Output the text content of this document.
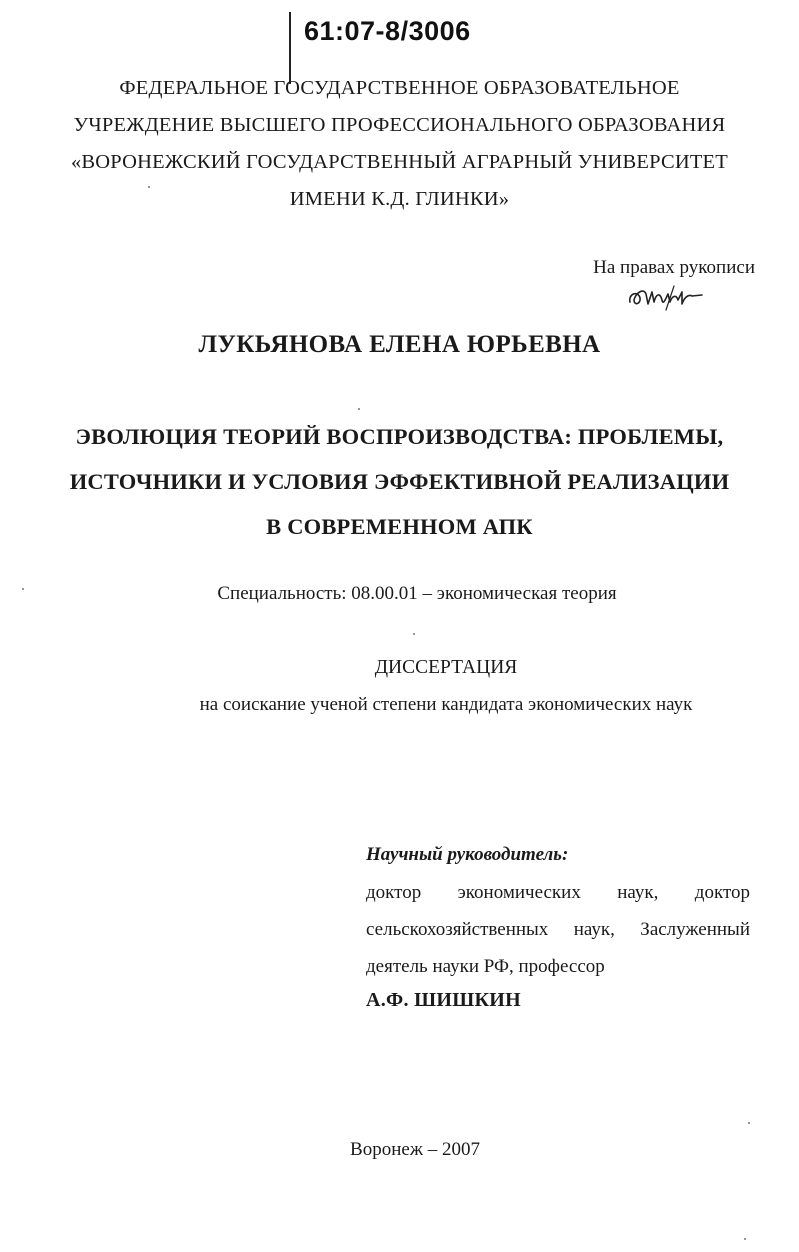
61:07-8/3006
ФЕДЕРАЛЬНОЕ ГОСУДАРСТВЕННОЕ ОБРАЗОВАТЕЛЬНОЕ
УЧРЕЖДЕНИЕ ВЫСШЕГО ПРОФЕССИОНАЛЬНОГО ОБРАЗОВАНИЯ
«ВОРОНЕЖСКИЙ ГОСУДАРСТВЕННЫЙ АГРАРНЫЙ УНИВЕРСИТЕТ
ИМЕНИ К.Д. ГЛИНКИ»
На правах рукописи
ЛУКЬЯНОВА ЕЛЕНА ЮРЬЕВНА
ЭВОЛЮЦИЯ ТЕОРИЙ ВОСПРОИЗВОДСТВА: ПРОБЛЕМЫ,
ИСТОЧНИКИ И УСЛОВИЯ ЭФФЕКТИВНОЙ РЕАЛИЗАЦИИ
В СОВРЕМЕННОМ АПК
Специальность: 08.00.01 – экономическая теория
ДИССЕРТАЦИЯ
на соискание ученой степени кандидата экономических наук
Научный руководитель:
доктор экономических наук, доктор сельскохозяйственных наук, Заслуженный деятель науки РФ, профессор
А.Ф. ШИШКИН
Воронеж – 2007
